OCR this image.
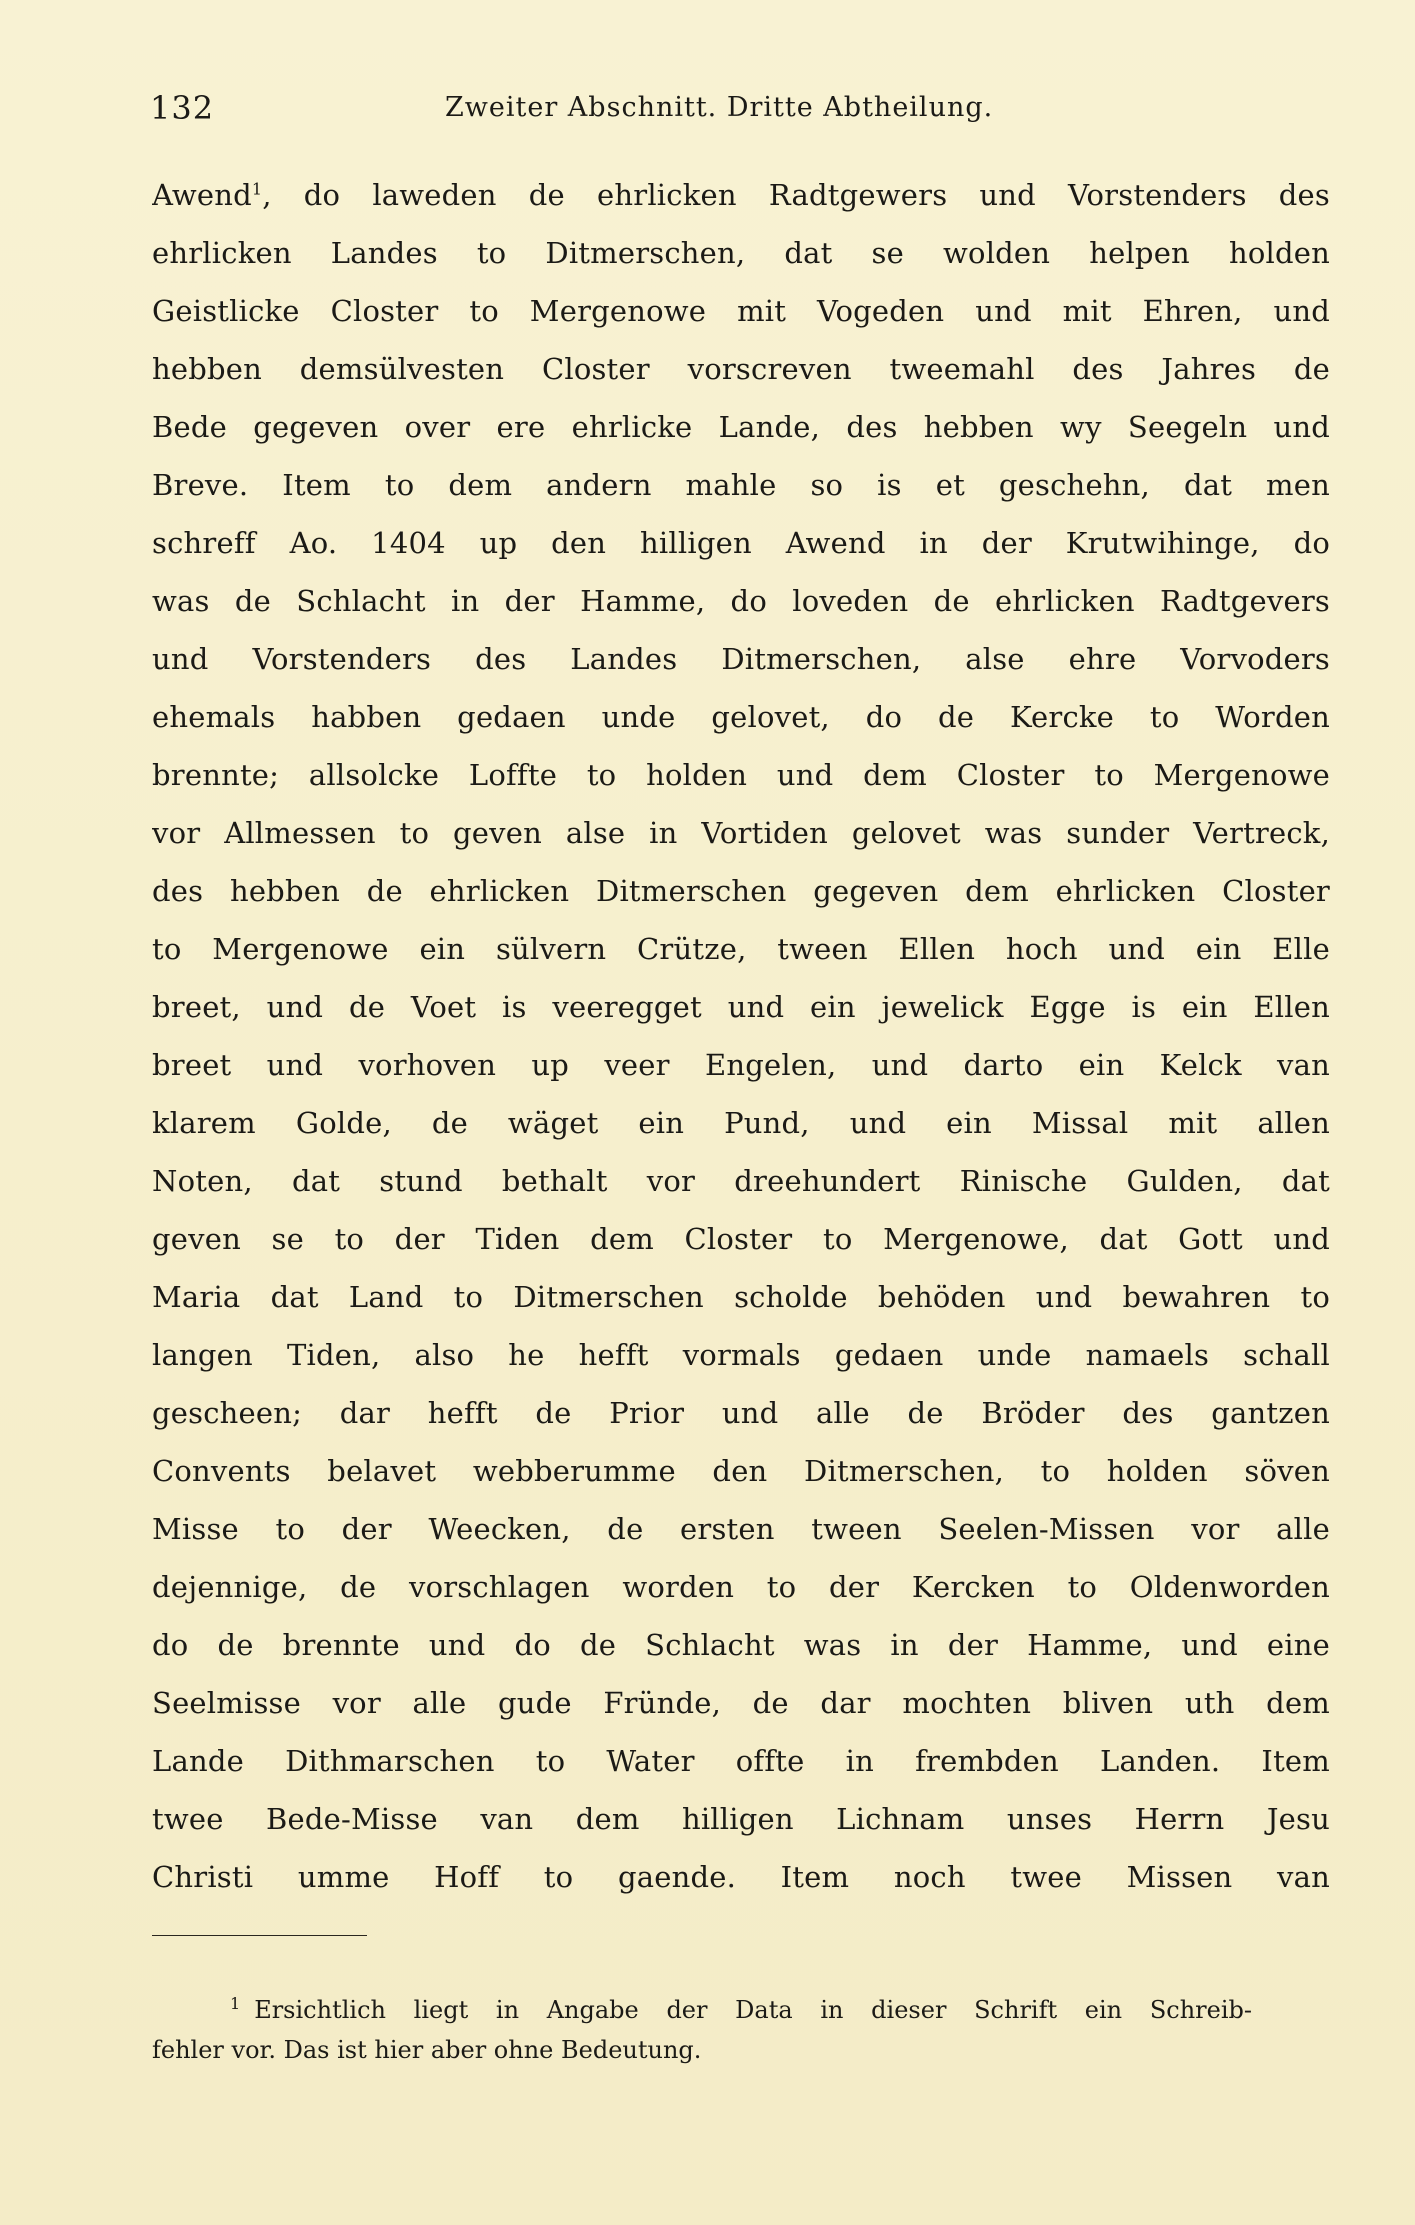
132	Zweiter Abschnitt. Dritte Abtheilung.
Awend$^1$, do laweden de ehrlicken Radtgewers und Vorstenders des
ehrlicken Landes to Ditmerschen, dat se wolden helpen holden
Geistlicke Closter to Mergenowe mit Vogeden und mit Ehren, und
hebben demsülvesten Closter vorscreven tweemahl des Jahres de
Bede gegeven over ere ehrlicke Lande, des hebben wy Seegeln und
Breve. Item to dem andern mahle so is et geschehn, dat men
schreff Ao. 1404 up den hilligen Awend in der Krutwihinge, do
was de Schlacht in der Hamme, do loveden de ehrlicken Radtgevers
und Vorstenders des Landes Ditmerschen, alse ehre Vorvoders
ehemals habben gedaen unde gelovet, do de Kercke to Worden
brennte; allsolcke Loffte to holden und dem Closter to Mergenowe
vor Allmessen to geven alse in Vortiden gelovet was sunder Vertreck,
des hebben de ehrlicken Ditmerschen gegeven dem ehrlicken Closter
to Mergenowe ein sülvern Crütze, tween Ellen hoch und ein Elle
breet, und de Voet is veeregget und ein jewelick Egge is ein Ellen
breet und vorhoven up veer Engelen, und darto ein Kelck van
klarem Golde, de wäget ein Pund, und ein Missal mit allen
Noten, dat stund bethalt vor dreehundert Rinische Gulden, dat
geven se to der Tiden dem Closter to Mergenowe, dat Gott und
Maria dat Land to Ditmerschen scholde behöden und bewahren to
langen Tiden, also he hefft vormals gedaen unde namaels schall
gescheen; dar hefft de Prior und alle de Bröder des gantzen
Convents belavet webberumme den Ditmerschen, to holden söven
Misse to der Weecken, de ersten tween Seelen-Missen vor alle
dejennige, de vorschlagen worden to der Kercken to Oldenworden
do de brennte und do de Schlacht was in der Hamme, und eine
Seelmisse vor alle gude Fründe, de dar mochten bliven uth dem
Lande Dithmarschen to Water offte in frembden Landen. Item
twee Bede-Misse van dem hilligen Lichnam unses Herrn Jesu
Christi umme Hoff to gaende. Item noch twee Missen van
$^1$ Ersichtlich liegt in Angabe der Data in dieser Schrift ein Schreib-
fehler vor. Das ist hier aber ohne Bedeutung.
